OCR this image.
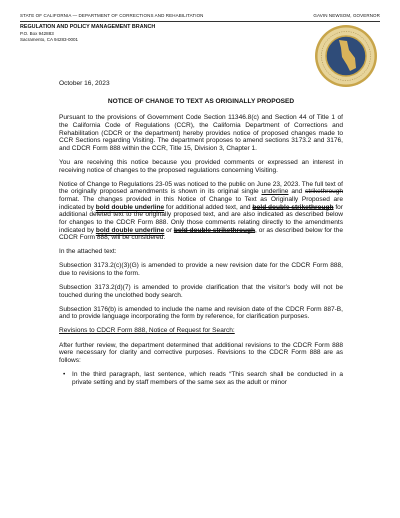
STATE OF CALIFORNIA — DEPARTMENT OF CORRECTIONS AND REHABILITATION	GAVIN NEWSOM, GOVERNOR
REGULATION AND POLICY MANAGEMENT BRANCH
P.O. Box 942883
Sacramento, CA 94283-0001

October 16, 2023

NOTICE OF CHANGE TO TEXT AS ORIGINALLY PROPOSED

Pursuant to the provisions of Government Code Section 11346.8(c) and Section 44 of Title 1 of the California Code of Regulations (CCR), the California Department of Corrections and Rehabilitation (CDCR or the department) hereby provides notice of proposed changes made to CCR Sections regarding Visiting. The department proposes to amend sections 3173.2 and 3176, and CDCR Form 888 within the CCR, Title 15, Division 3, Chapter 1.

You are receiving this notice because you provided comments or expressed an interest in receiving notice of changes to the proposed regulations concerning Visiting.

Notice of Change to Regulations 23-05 was noticed to the public on June 23, 2023. The full text of the originally proposed amendments is shown in its original single underline and strikethrough format. The changes provided in this Notice of Change to Text as Originally Proposed are indicated by bold double underline for additional added text, and bold double strikethrough for additional deleted text to the originally proposed text, and are also indicated as described below for changes to the CDCR Form 888. Only those comments relating directly to the amendments indicated by bold double underline or bold double strikethrough, or as described below for the CDCR Form 888, will be considered.

In the attached text:

Subsection 3173.2(c)(3)(G) is amended to provide a new revision date for the CDCR Form 888, due to revisions to the form.

Subsection 3173.2(d)(7) is amended to provide clarification that the visitor’s body will not be touched during the unclothed body search.

Subsection 3176(b) is amended to include the name and revision date of the CDCR Form 887-B, and to provide language incorporating the form by reference, for clarification purposes.

Revisions to CDCR Form 888, Notice of Request for Search:

After further review, the department determined that additional revisions to the CDCR Form 888 were necessary for clarity and corrective purposes. Revisions to the CDCR Form 888 are as follows:

• In the third paragraph, last sentence, which reads “This search shall be conducted in a private setting and by staff members of the same sex as the adult or minor
